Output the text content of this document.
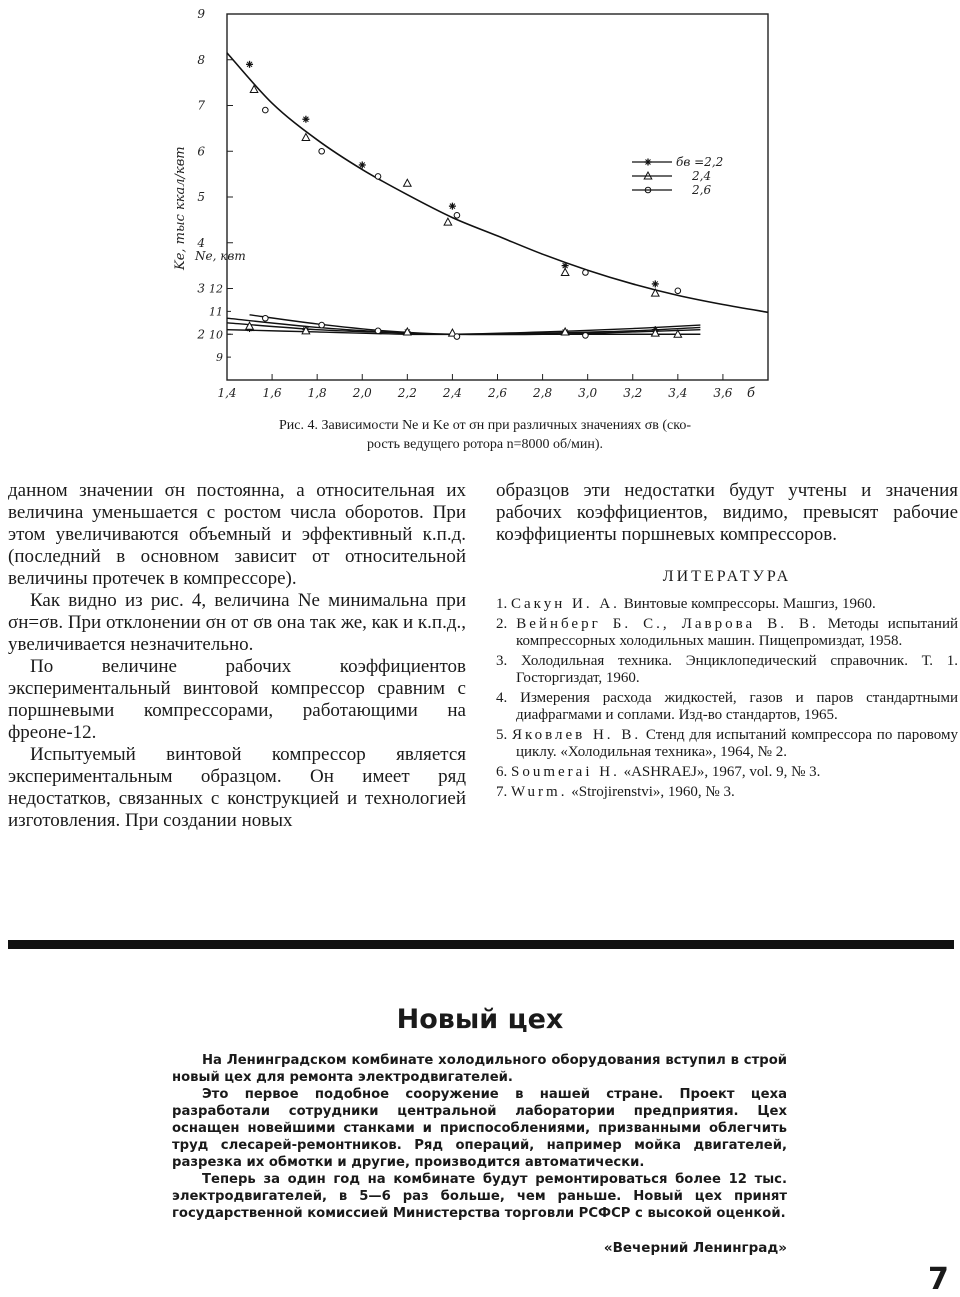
1,4 1,6 1,8 2,0 2,2 2,4 2,6 2,8 3,0 3,2 3,4 3,6
2
3
4
5
6
7
8
9
9
10
11
12
бв =2,2
2,4
2,6
Kе, тыс ккал/квт Nе, квт
б
Рис. 4. Зависимости Ne и Ke от σн при различных значениях σв (ско-
рость ведущего ротора n=8000 об/мин).

данном значении σн постоянна, а относительная их величина уменьшается с ростом числа оборотов. При этом увеличиваются объемный и эффективный к.п.д. (последний в основном зависит от относительной величины протечек в компрессоре).

Как видно из рис. 4, величина Ne минимальна при σн=σв. При отклонении σн от σв она так же, как и к.п.д., увеличивается незначительно.

По величине рабочих коэффициентов экспериментальный винтовой компрессор сравним с поршневыми компрессорами, работающими на фреоне-12.

Испытуемый винтовой компрессор является экспериментальным образцом. Он имеет ряд недостатков, связанных с конструкцией и технологией изготовления. При создании новых

образцов эти недостатки будут учтены и значения рабочих коэффициентов, видимо, превысят рабочие коэффициенты поршневых компрессоров.

ЛИТЕРАТУРА
1. Сакун И. А. Винтовые компрессоры. Машгиз, 1960.
2. Вейнберг Б. С., Лаврова В. В. Методы испытаний компрессорных холодильных машин. Пищепромиздат, 1958.
3. Холодильная техника. Энциклопедический справочник. Т. 1. Госторгиздат, 1960.
4. Измерения расхода жидкостей, газов и паров стандартными диафрагмами и соплами. Изд-во стандартов, 1965.
5. Яковлев Н. В. Стенд для испытаний компрессора по паровому циклу. «Холодильная техника», 1964, № 2.
6. Soumerai H. «ASHRAEJ», 1967, vol. 9, № 3.
7. Wurm. «Strojirenstvi», 1960, № 3.
Новый цех

На Ленинградском комбинате холодильного оборудования вступил в строй новый цех для ремонта электродвигателей.

Это первое подобное сооружение в нашей стране. Проект цеха разработали сотрудники центральной лаборатории предприятия. Цех оснащен новейшими станками и приспособлениями, призванными облегчить труд слесарей-ремонтников. Ряд операций, например мойка двигателей, разрезка их обмотки и другие, производится автоматически.

Теперь за один год на комбинате будут ремонтироваться более 12 тыс. электродвигателей, в 5—6 раз больше, чем раньше. Новый цех принят государственной комиссией Министерства торговли РСФСР с высокой оценкой.

«Вечерний Ленинград»
7
